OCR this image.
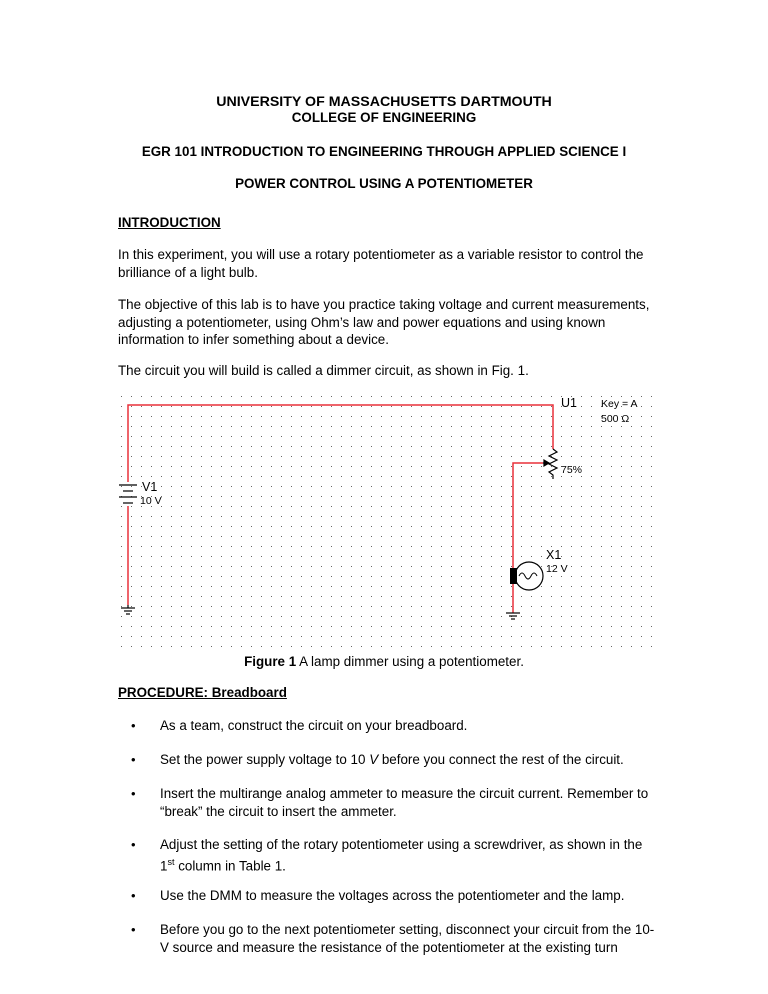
UNIVERSITY OF MASSACHUSETTS DARTMOUTH
COLLEGE OF ENGINEERING
EGR 101 INTRODUCTION TO ENGINEERING THROUGH APPLIED SCIENCE I
POWER CONTROL USING A POTENTIOMETER
INTRODUCTION
In this experiment, you will use a rotary potentiometer as a variable resistor to control the brilliance of a light bulb.
The objective of this lab is to have you practice taking voltage and current measurements, adjusting a potentiometer, using Ohm’s law and power equations and using known information to infer something about a device.
The circuit you will build is called a dimmer circuit, as shown in Fig. 1.
V1
10 V
U1 Key = A
500 Ω
75%
X1
12 V
Figure 1 A lamp dimmer using a potentiometer.
PROCEDURE: Breadboard
• As a team, construct the circuit on your breadboard.
• Set the power supply voltage to 10 V before you connect the rest of the circuit.
• Insert the multirange analog ammeter to measure the circuit current. Remember to “break” the circuit to insert the ammeter.
• Adjust the setting of the rotary potentiometer using a screwdriver, as shown in the 1st column in Table 1.
• Use the DMM to measure the voltages across the potentiometer and the lamp.
• Before you go to the next potentiometer setting, disconnect your circuit from the 10-V source and measure the resistance of the potentiometer at the existing turn
